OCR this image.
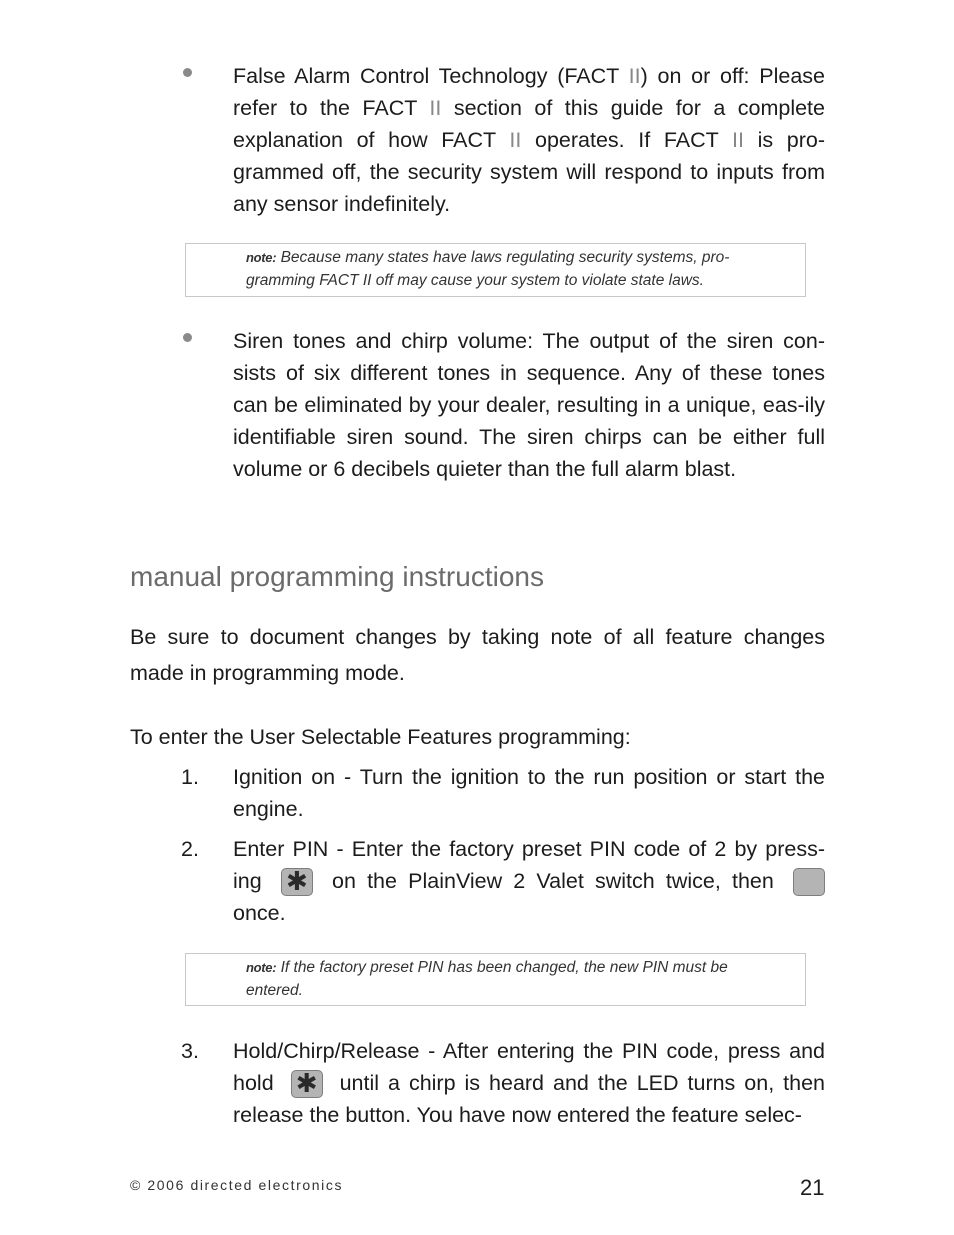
False Alarm Control Technology (FACT II) on or off: Please refer to the FACT II section of this guide for a complete explanation of how FACT II operates. If FACT II is pro-grammed off, the security system will respond to inputs from any sensor indefinitely.
note: Because many states have laws regulating security systems, pro-gramming FACT II off may cause your system to violate state laws.
Siren tones and chirp volume: The output of the siren con-sists of six different tones in sequence. Any of these tones can be eliminated by your dealer, resulting in a unique, eas-ily identifiable siren sound. The siren chirps can be either full volume or 6 decibels quieter than the full alarm blast.
manual programming instructions
Be sure to document changes by taking note of all feature changes made in programming mode.
To enter the User Selectable Features programming:
1. Ignition on - Turn the ignition to the run position or start the engine.
2. Enter PIN - Enter the factory preset PIN code of 2 by press-ing ✱ on the PlainView 2 Valet switch twice, then  once.
note: If the factory preset PIN has been changed, the new PIN must be entered.
3. Hold/Chirp/Release - After entering the PIN code, press and hold ✱ until a chirp is heard and the LED turns on, then release the button. You have now entered the feature selec-
© 2006 directed electronics	21
